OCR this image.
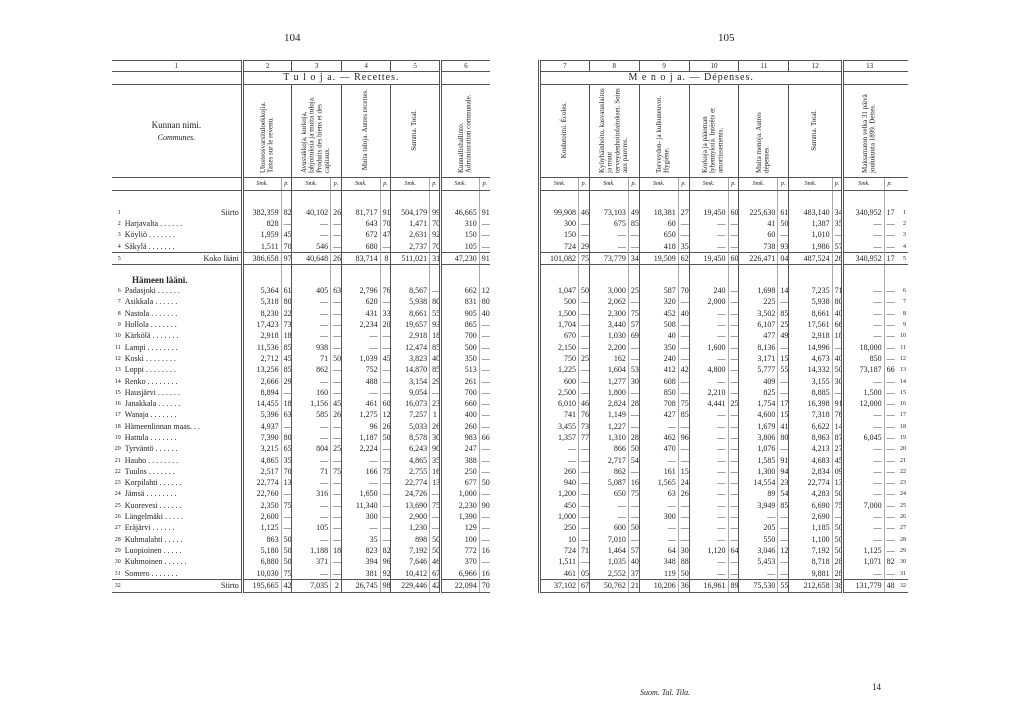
104	105
1		2		3		4		5		6	
		T u l o j a. — Recettes.									

Kunnan nimi.
Communes.		Ulosteosvarsituloekkojia. Taxes sur le revenu.		Avustakkoja, korkoja, lahjoituksia ja muita tuloja. Produits des biens et des capitaux.		Muita tuloja. Autres recettes.		Summa. Total.		Kunnallishallinto. Administration communale.	
		Smk.	p.	Smk.	p.	Smk.	p.	Smk.	p.	Smk.	p.

1	Siirto	382,359	82	40,102	26	81,717	91	504,179	99	46,665	91
2	Harjavalta . . . . . .	828	—	—	—	643	70	1,471	70	310	—
3	Köyliö . . . . . . .	1,959	45	—	—	672	47	2,631	92	150	—
4	Säkylä . . . . . . .	1,511	70	546	—	680	—	2,737	70	105	—
5	Koko lääni	386,658	97	40,648	26	83,714	8	511,021	31	47,230	91
Hämeen lääni.											
6	Padasjoki . . . . . .	5,364	61	405	63	2,796	76	8,567	—	662	12
7	Asikkala . . . . . .	5,318	80	—	—	620	—	5,938	80	831	80
8	Nastola . . . . . . .	8,230	22	—	—	431	33	8,661	55	905	40
9	Hollola . . . . . . .	17,423	73	—	—	2,234	20	19,657	93	865	—
10	Kärkölä . . . . . . .	2,918	18	—	—	—	—	2,918	18	700	—
11	Lampi . . . . . . . .	11,536	85	938	—	—	—	12,474	85	500	—
12	Koski . . . . . . . .	2,712	45	71	50	1,039	45	3,823	40	350	—
13	Loppi . . . . . . . .	13,256	85	862	—	752	—	14,870	85	513	—
14	Renko . . . . . . . .	2,666	29	—	—	488	—	3,154	29	261	—
15	Hausjärvi . . . . . .	8,894	—	160	—	—	—	9,054	—	700	—
16	Janakkala . . . . . .	14,455	18	1,156	45	461	60	16,073	23	660	—
17	Wanaja . . . . . . .	5,396	63	585	26	1,275	12	7,257	1	400	—
18	Hämeenlinnan maas. . .	4,937	—	—	—	96	26	5,033	26	260	—
19	Hattula . . . . . . .	7,390	80	—	—	1,187	50	8,578	30	983	66
20	Tyrväntö . . . . . .	3,215	65	804	25	2,224	—	6,243	90	247	—
21	Hauho . . . . . . . .	4,865	35	—	—	—	—	4,865	35	388	—
22	Tuulos . . . . . . .	2,517	70	71	75	166	75	2,755	16	250	—
23	Korpilahti . . . . . .	22,774	13	—	—	—	—	22,774	13	677	50
24	Jämsä . . . . . . . .	22,760	—	316	—	1,650	—	24,726	—	1,000	—
25	Kuorevesi . . . . . .	2,350	75	—	—	11,340	—	13,690	75	2,230	90
26	Längelmäki . . . . .	2,600	—	—	—	300	—	2,900	—	1,390	—
27	Eräjärvi . . . . . .	1,125	—	105	—	—	—	1,230	—	129	—
28	Kuhmalahti . . . . .	863	50	—	—	35	—	898	50	100	—
29	Luopioinen . . . . .	5,180	50	1,188	18	823	82	7,192	50	772	16
30	Kuhmoinen . . . . . .	6,880	50	371	—	394	96	7,646	46	370	—
31	Somero . . . . . . .	10,030	75	—	—	381	92	10,412	67	6,966	16
32	Siirto	195,665	42	7,035	2	26,745	98	229,446	42	22,094	70
7		8		9		10		11		12		13		
M e n o j a. — Dépenses.														
Koulutoimi. Écoles.		Kyöyhäinhoito, kasvatuslaitos ja muut terveydenhoitolaitokset. Soins aux pauvres.		Terveyden- ja kulkuneuvot. Hygiène.		Korkoja ja pääoman lyhennyksiä. Intérêts et amortissements.		Muita menoja. Autres dépenses.		Summa. Total.		Maksamaton velka 31 päivä joulukuuta 1899. Dettes.		
Smk.	p.	Smk.	p.	Smk.	p.	Smk.	p.	Smk.	p.	Smk.	p.	Smk.	p.	

99,908	46	73,103	49	18,381	27	19,450	60	225,630	61	483,140	34	340,952	17	1
300	—	675	85	60	—	—	—	41	50	1,387	35	—	—	2
150	—	—	—	650	—	—	—	60	—	1,010	—	—	—	3
724	29	—	—	418	35	—	—	738	93	1,986	57	—	—	4
101,082	75	73,779	34	19,509	62	19,450	60	226,471	04	487,524	26	340,952	17	5

1,047	50	3,000	25	587	70	240	—	1,698	14	7,235	71	—	—	6
500	—	2,062	—	320	—	2,000	—	225	—	5,938	80	—	—	7
1,500	—	2,300	75	452	40	—	—	3,502	85	8,661	40	—	—	8
1,704	—	3,440	57	508	—	—	—	6,107	25	17,561	66	—	—	9
670	—	1,030	69	40	—	—	—	477	49	2,918	18	—	—	10
2,150	—	2,200	—	350	—	1,600	—	8,136	—	14,996	—	18,000	—	11
750	25	162	—	240	—	—	—	3,171	15	4,673	40	850	—	12
1,225	—	1,604	53	412	42	4,800	—	5,777	55	14,332	50	73,187	66	13
600	—	1,277	30	608	—	—	—	409	—	3,155	30	—	—	14
2,500	—	1,800	—	850	—	2,210	—	825	—	8,885	—	1,500	—	15
6,010	46	2,824	28	708	75	4,441	25	1,754	17	16,398	91	12,000	—	16
741	76	1,149	—	427	85	—	—	4,600	15	7,318	76	—	—	17
3,455	73	1,227	—	—	—	—	—	1,679	41	6,622	14	—	—	18
1,357	77	1,310	28	462	96	—	—	3,806	80	8,963	87	6,045	—	19
—	—	866	50	470	—	—	—	1,076	—	4,213	27	—	—	20
—	—	2,717	54	—	—	—	—	1,585	91	4,683	45	—	—	21
260	—	862	—	161	15	—	—	1,300	94	2,834	09	—	—	22
940	—	5,087	16	1,565	24	—	—	14,554	23	22,774	13	—	—	23
1,200	—	650	75	63	26	—	—	89	54	4,283	50	—	—	24
450	—	—	—	—	—	—	—	3,949	85	6,690	75	7,000	—	25
1,000	—	—	—	300	—	—	—	—	—	2,690	—	—	—	26
250	—	600	50	—	—	—	—	205	—	1,185	50	—	—	27
10	—	7,010	—	—	—	—	—	550	—	1,100	50	—	—	28
724	71	1,464	57	64	30	1,120	64	3,046	12	7,192	50	1,125	—	29
1,511	—	1,035	40	348	88	—	—	5,453	—	8,718	28	1,071	82	30
461	05	2,552	37	119	50	—	—	—	—	9,881	28	—	—	31
37,102	67	50,762	21	10,206	36	16,961	89	75,530	55	212,658	38	131,779	48	32
Suom. Tal. Tila.
14
